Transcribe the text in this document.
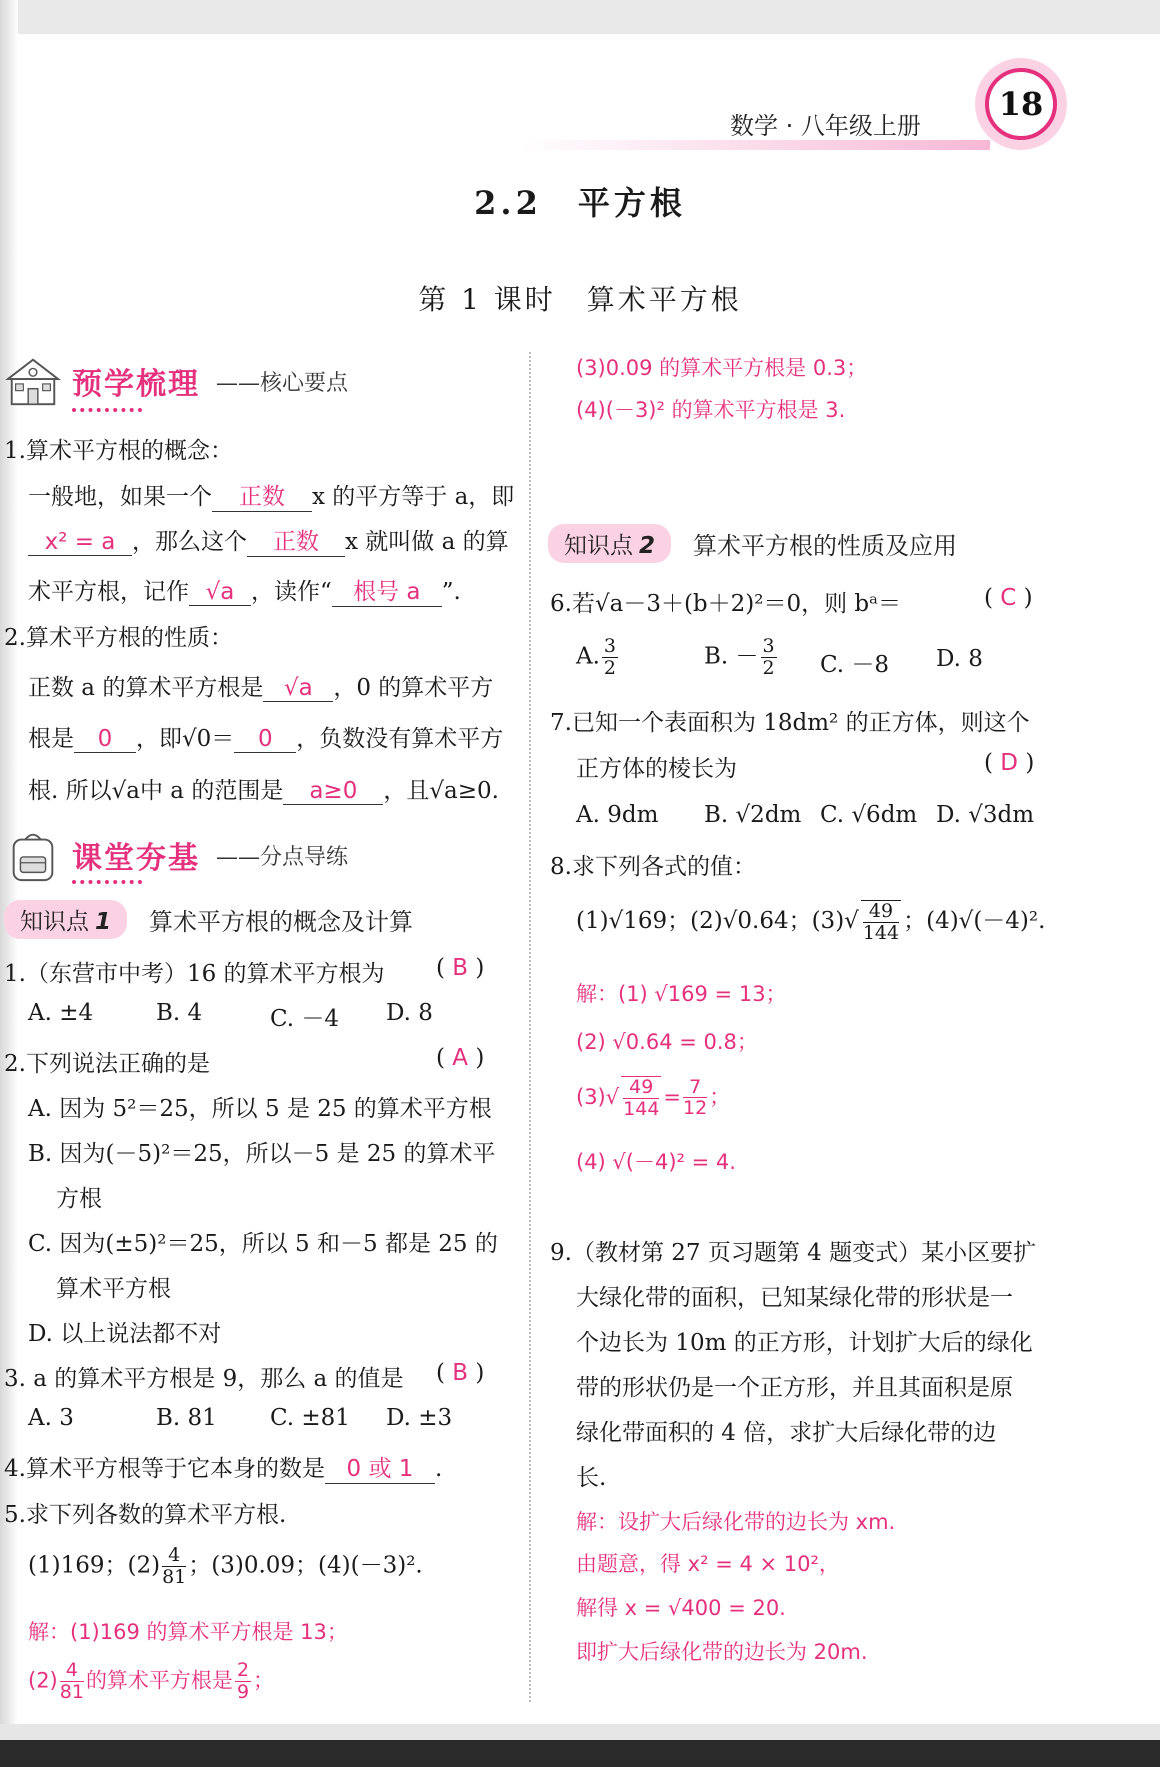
数学 · 八年级上册
18
2.2　平方根
第 1 课时　算术平方根
预学梳理 ——核心要点
1.算术平方根的概念：
一般地，如果一个 正数 x 的平方等于 a，即
x² = a ，那么这个 正数 x 就叫做 a 的算
术平方根，记作 √a ，读作“ 根号 a ”.
2.算术平方根的性质：
正数 a 的算术平方根是 √a ，0 的算术平方
根是 0 ，即√0＝ 0 ，负数没有算术平方
根. 所以√a中 a 的范围是 a≥0 ，且√a≥0.
课堂夯基 ——分点导练
知识点 1	算术平方根的概念及计算
1.（东营市中考）16 的算术平方根为 ( B )
A. ±4	B. 4	C. －4 D. 8
2.下列说法正确的是	( A )
A. 因为 5²＝25，所以 5 是 25 的算术平方根
B. 因为(－5)²＝25，所以－5 是 25 的算术平
方根
C. 因为(±5)²＝25，所以 5 和－5 都是 25 的
算术平方根
D. 以上说法都不对
3. a 的算术平方根是 9，那么 a 的值是 ( B )
A. 3	B. 81 C. ±81 D. ±3
4.算术平方根等于它本身的数是 0 或 1 .
5.求下列各数的算术平方根.
(1)169；$(2) \frac{4}{81}$ ；(3)0.09；(4)(－3)².
解：(1)169 的算术平方根是 13；
$(2) \frac{4}{81}$ 的算术平方根是 $\frac{2}{9}$ ；
(3)0.09 的算术平方根是 0.3；
(4)(－3)² 的算术平方根是 3.
知识点 2	算术平方根的性质及应用
6.若√a－3＋(b＋2)²＝0，则 bᵃ＝	( C )
A. $\frac{3}{2}$	B. － $\frac{3}{2} C$. －8 D. 8
7.已知一个表面积为 18dm² 的正方体，则这个
正方体的棱长为	( D )
A. 9dm B. √2dm C. √6dm D. √3dm
8.求下列各式的值：
(1)√169；(2)√0.64；$(3)√ \frac{49}{144}$ ；(4)√(－4)².
解：(1) √169 = 13；
(2) √0.64 = 0.8；
$(3)√ \frac{49}{144} = \frac{7}{12}$ ；
(4) √(－4)² = 4.
9.（教材第 27 页习题第 4 题变式）某小区要扩
大绿化带的面积，已知某绿化带的形状是一
个边长为 10m 的正方形，计划扩大后的绿化
带的形状仍是一个正方形，并且其面积是原
绿化带面积的 4 倍，求扩大后绿化带的边
长.
解：设扩大后绿化带的边长为 xm.
由题意，得 x² = 4 × 10²，
解得 x = √400 = 20.
即扩大后绿化带的边长为 20m.
